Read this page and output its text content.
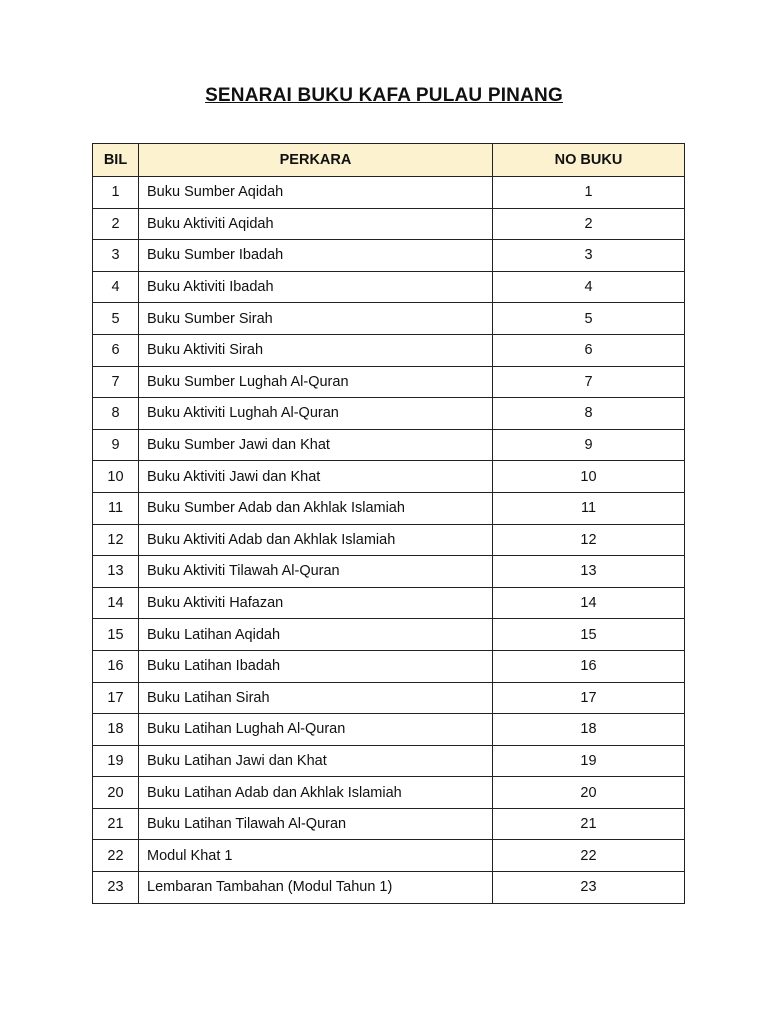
SENARAI BUKU KAFA PULAU PINANG
BIL	PERKARA	NO BUKU
1	Buku Sumber Aqidah	1
2	Buku Aktiviti Aqidah	2
3	Buku Sumber Ibadah	3
4	Buku Aktiviti Ibadah	4
5	Buku Sumber Sirah	5
6	Buku Aktiviti Sirah	6
7	Buku Sumber Lughah Al-Quran	7
8	Buku Aktiviti Lughah Al-Quran	8
9	Buku Sumber Jawi dan Khat	9
10	Buku Aktiviti Jawi dan Khat	10
11	Buku Sumber Adab dan Akhlak Islamiah	11
12	Buku Aktiviti Adab dan Akhlak Islamiah	12
13	Buku Aktiviti Tilawah Al-Quran	13
14	Buku Aktiviti Hafazan	14
15	Buku Latihan Aqidah	15
16	Buku Latihan Ibadah	16
17	Buku Latihan Sirah	17
18	Buku Latihan Lughah Al-Quran	18
19	Buku Latihan Jawi dan Khat	19
20	Buku Latihan Adab dan Akhlak Islamiah	20
21	Buku Latihan Tilawah Al-Quran	21
22	Modul Khat 1	22
23	Lembaran Tambahan (Modul Tahun 1)	23
